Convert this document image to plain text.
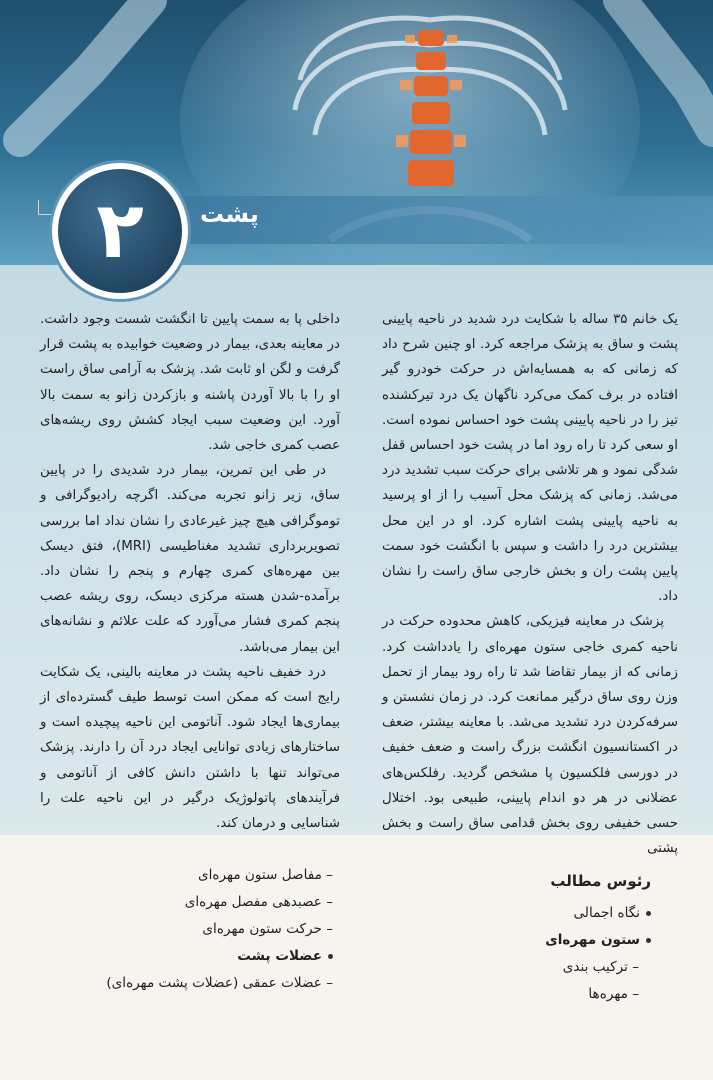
۲ پشت

یک خانم ۳۵ ساله با شکایت درد شدید در ناحیه پایینی پشت و ساق به پزشک مراجعه کرد. او چنین شرح داد که زمانی که به همسایه‌اش در حرکت خودرو گیر افتاده در برف کمک می‌کرد ناگهان یک درد تیرکشنده تیز را در ناحیه پایینی پشت خود احساس نموده است. او سعی کرد تا راه رود اما در پشت خود احساس قفل شدگی نمود و هر تلاشی برای حرکت سبب تشدید درد می‌شد. زمانی که پزشک محل آسیب را از او پرسید به ناحیه پایینی پشت اشاره کرد. او در این محل بیشترین درد را داشت و سپس با انگشت خود سمت پایین پشت ران و بخش خارجی ساق راست را نشان داد.

پزشک در معاینه فیزیکی، کاهش محدوده حرکت در ناحیه کمری خاجی ستون مهره‌ای را یادداشت کرد. زمانی که از بیمار تقاضا شد تا راه رود بیمار از تحمل وزن روی ساق درگیر ممانعت کرد. در زمان نشستن و سرفه‌کردن درد تشدید می‌شد. با معاینه بیشتر، ضعف در اکستانسیون انگشت بزرگ راست و ضعف خفیف در دورسی فلکسیون پا مشخص گردید. رفلکس‌های عضلانی در هر دو اندام پایینی، طبیعی بود. اختلال حسی خفیفی روی بخش قدامی ساق راست و بخش پشتی

داخلی پا به سمت پایین تا انگشت شست وجود داشت. در معاینه بعدی، بیمار در وضعیت خوابیده به پشت قرار گرفت و لگن او ثابت شد. پزشک به آرامی ساق راست او را با بالا آوردن پاشنه و بازکردن زانو به سمت بالا آورد. این وضعیت سبب ایجاد کشش روی ریشه‌های عصب کمری خاجی شد.

در طی این تمرین، بیمار درد شدیدی را در پایین ساق، زیر زانو تجربه می‌کند. اگرچه رادیوگرافی و توموگرافی هیچ چیز غیرعادی را نشان نداد اما بررسی تصویربرداری تشدید مغناطیسی (MRI)، فتق دیسک بین مهره‌های کمری چهارم و پنجم را نشان داد. برآمده-شدن هسته مرکزی دیسک، روی ریشه عصب پنجم کمری فشار می‌آورد که علت علائم و نشانه‌های این بیمار می‌باشد.

درد خفیف ناحیه پشت در معاینه بالینی، یک شکایت رایج است که ممکن است توسط طیف گسترده‌ای از بیماری‌ها ایجاد شود. آناتومی این ناحیه پیچیده است و ساختارهای زیادی توانایی ایجاد درد آن را دارند. پزشک می‌تواند تنها با داشتن دانش کافی از آناتومی و فرآیندهای پاتولوژیک درگیر در این ناحیه علت را شناسایی و درمان کند.

رئوس مطالب
نگاه اجمالی
ستون مهره‌ای
– ترکیب بندی
– مهره‌ها
– مفاصل ستون مهره‌ای
– عصبدهی مفصل مهره‌ای
– حرکت ستون مهره‌ای
عضلات پشت
– عضلات عمقی (عضلات پشت مهره‌ای)
